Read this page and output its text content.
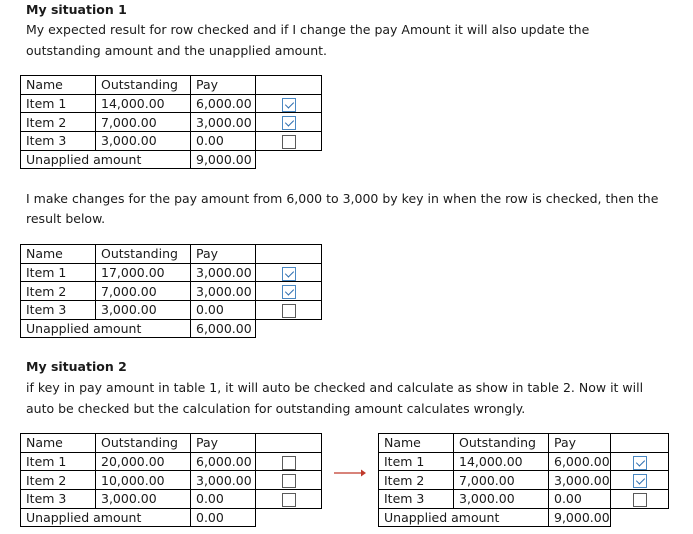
My situation 1
My expected result for row checked and if I change the pay Amount it will also update the
outstanding amount and the unapplied amount.
Name	Outstanding	Pay	
Item 1	14,000.00	6,000.00	
Item 2	7,000.00	3,000.00	
Item 3	3,000.00	0.00	
Unapplied amount		9,000.00	
I make changes for the pay amount from 6,000 to 3,000 by key in when the row is checked, then the
result below.
Name	Outstanding	Pay	
Item 1	17,000.00	3,000.00	
Item 2	7,000.00	3,000.00	
Item 3	3,000.00	0.00	
Unapplied amount		6,000.00	
My situation 2
if key in pay amount in table 1, it will auto be checked and calculate as show in table 2. Now it will
auto be checked but the calculation for outstanding amount calculates wrongly.
Name	Outstanding	Pay	
Item 1	20,000.00	6,000.00	
Item 2	10,000.00	3,000.00	
Item 3	3,000.00	0.00	
Unapplied amount		0.00	
Name	Outstanding	Pay	
Item 1	14,000.00	6,000.00	
Item 2	7,000.00	3,000.00	
Item 3	3,000.00	0.00	
Unapplied amount		9,000.00	
